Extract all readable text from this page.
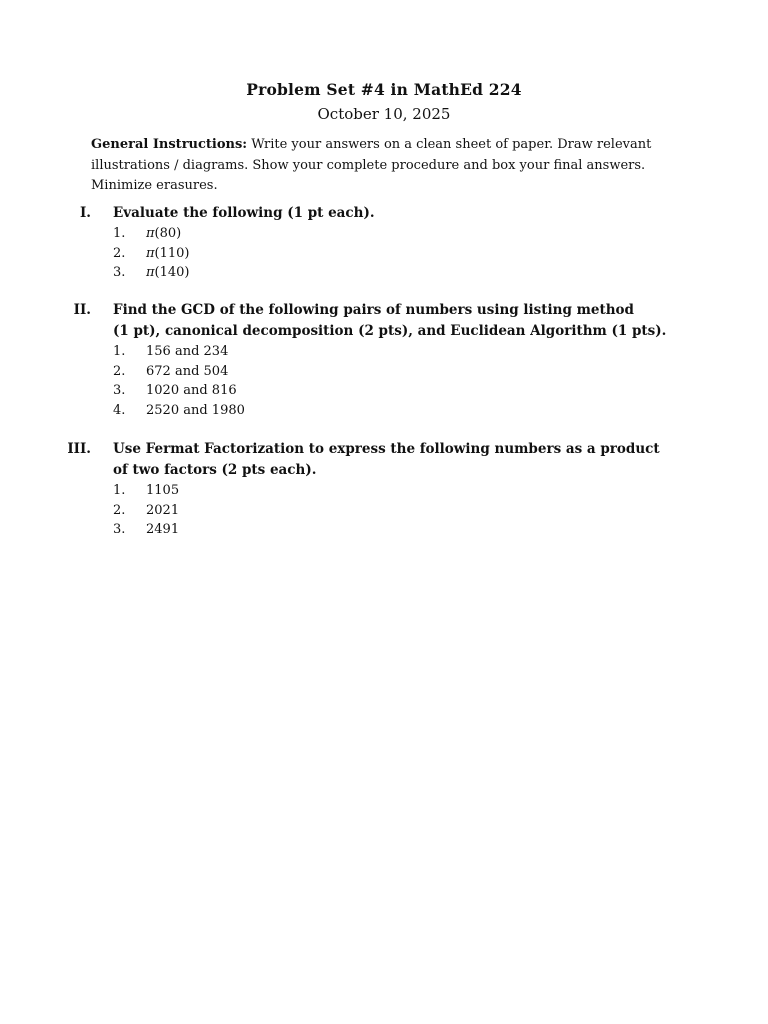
Problem Set #4 in MathEd 224
October 10, 2025
General Instructions: Write your answers on a clean sheet of paper. Draw relevant
illustrations / diagrams. Show your complete procedure and box your final answers.
Minimize erasures.
I. Evaluate the following (1 pt each).
1. π(80)
2. π(110)
3. π(140)
II. Find the GCD of the following pairs of numbers using listing method
(1 pt), canonical decomposition (2 pts), and Euclidean Algorithm (1 pts).
1. 156 and 234
2. 672 and 504
3. 1020 and 816
4. 2520 and 1980
III. Use Fermat Factorization to express the following numbers as a product
of two factors (2 pts each).
1. 1105
2. 2021
3. 2491
